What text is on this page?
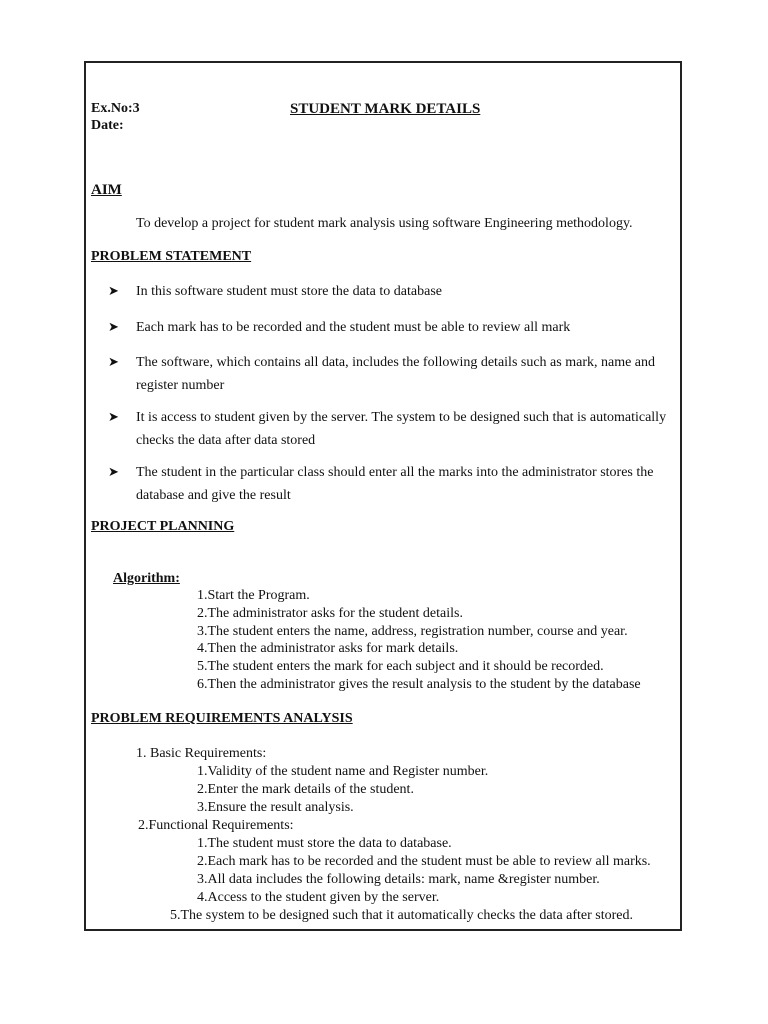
Ex.No:3
Date:
STUDENT MARK DETAILS
AIM
To develop a project for student mark analysis using software Engineering methodology.
PROBLEM STATEMENT
➤ In this software student must store the data to database
➤ Each mark has to be recorded and the student must be able to review all mark
➤ The software, which contains all data, includes the following details such as mark, name and register number
➤ It is access to student given by the server. The system to be designed such that is automatically checks the data after data stored
➤ The student in the particular class should enter all the marks into the administrator stores the database and give the result
PROJECT PLANNING
Algorithm:
1.Start the Program.
2.The administrator asks for the student details.
3.The student enters the name, address, registration number, course and year.
4.Then the administrator asks for mark details.
5.The student enters the mark for each subject and it should be recorded.
6.Then the administrator gives the result analysis to the student by the database
PROBLEM REQUIREMENTS ANALYSIS
1. Basic Requirements:
1.Validity of the student name and Register number.
2.Enter the mark details of the student.
3.Ensure the result analysis.
2.Functional Requirements:
1.The student must store the data to database.
2.Each mark has to be recorded and the student must be able to review all marks.
3.All data includes the following details: mark, name &register number.
4.Access to the student given by the server.
5.The system to be designed such that it automatically checks the data after stored.
